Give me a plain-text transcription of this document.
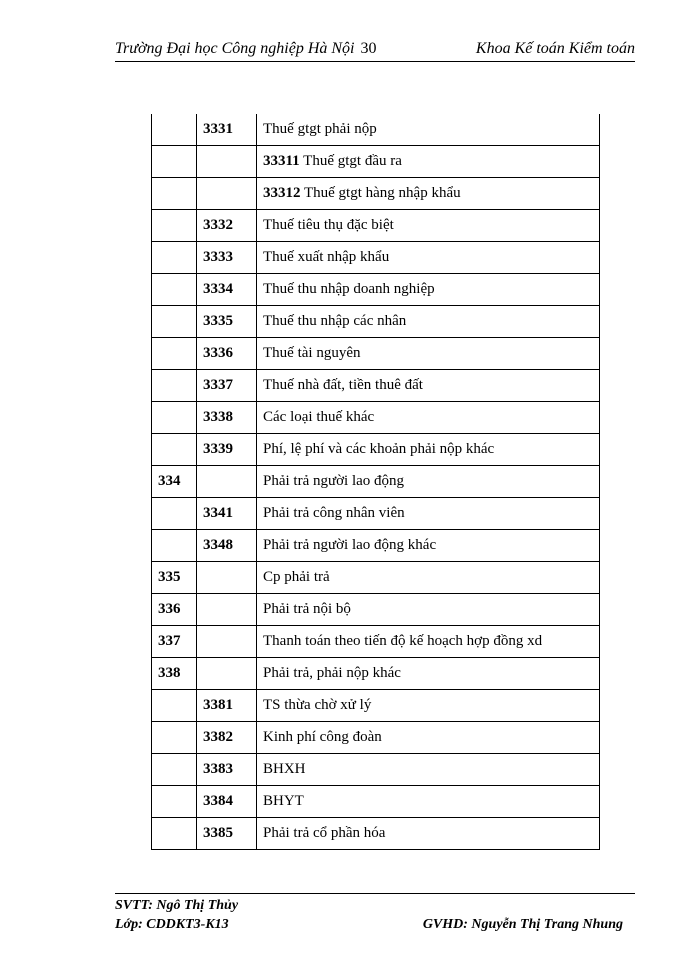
Trường Đại học Công nghiệp Hà Nội 30	Khoa Kế toán Kiểm toán
	3331	Thuế gtgt phải nộp
		33311 Thuế gtgt đầu ra
		33312 Thuế gtgt hàng nhập khẩu
	3332	Thuế tiêu thụ đặc biệt
	3333	Thuế xuất nhập khẩu
	3334	Thuế thu nhập doanh nghiệp
	3335	Thuế thu nhập các nhân
	3336	Thuế tài nguyên
	3337	Thuế nhà đất, tiền thuê đất
	3338	Các loại thuế khác
	3339	Phí, lệ phí và các khoản phải nộp khác
334		Phải trả người lao động
	3341	Phải trả công nhân viên
	3348	Phải trả người lao động khác
335		Cp phải trả
336		Phải trả nội bộ
337		Thanh toán theo tiến độ kế hoạch hợp đồng xd
338		Phải trả, phải nộp khác
	3381	TS thừa chờ xử lý
	3382	Kinh phí công đoàn
	3383	BHXH
	3384	BHYT
	3385	Phải trả cổ phần hóa
SVTT: Ngô Thị Thủy
Lớp: CDDKT3-K13	GVHD: Nguyễn Thị Trang Nhung
